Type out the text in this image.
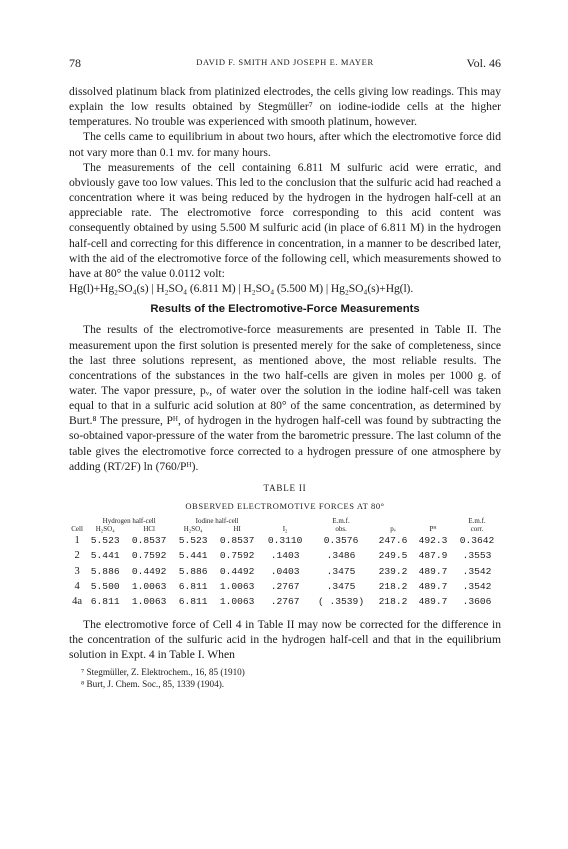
78	DAVID F. SMITH AND JOSEPH E. MAYER	Vol. 46

dissolved platinum black from platinized electrodes, the cells giving low readings. This may explain the low results obtained by Stegmüller⁷ on iodine-iodide cells at the higher temperatures. No trouble was experienced with smooth platinum, however.

The cells came to equilibrium in about two hours, after which the electromotive force did not vary more than 0.1 mv. for many hours.

The measurements of the cell containing 6.811 M sulfuric acid were erratic, and obviously gave too low values. This led to the conclusion that the sulfuric acid had reached a concentration where it was being reduced by the hydrogen in the hydrogen half-cell at an appreciable rate. The electromotive force corresponding to this acid content was consequently obtained by using 5.500 M sulfuric acid (in place of 6.811 M) in the hydrogen half-cell and correcting for this difference in concentration, in a manner to be described later, with the aid of the electromotive force of the following cell, which measurements showed to have at 80° the value 0.0112 volt:

Hg(l)+Hg₂SO₄(s) | H₂SO₄ (6.811 M) | H₂SO₄ (5.500 M) | Hg₂SO₄(s)+Hg(l).
Results of the Electromotive-Force Measurements

The results of the electromotive-force measurements are presented in Table II. The measurement upon the first solution is presented merely for the sake of completeness, since the last three solutions represent, as mentioned above, the most reliable results. The concentrations of the substances in the two half-cells are given in moles per 1000 g. of water. The vapor pressure, pᵥ, of water over the solution in the iodine half-cell was taken equal to that in a sulfuric acid solution at 80° of the same concentration, as determined by Burt.⁸ The pressure, Pᴴ, of hydrogen in the hydrogen half-cell was found by subtracting the so-obtained vapor-pressure of the water from the barometric pressure. The last column of the table gives the electromotive force corrected to a hydrogen pressure of one atmosphere by adding (RT/2F) ln (760/Pᴴ).

TABLE II
OBSERVED ELECTROMOTIVE FORCES AT 80°
	Hydrogen half-cell		Iodine half-cell			E.m.f.			E.m.f.
Cell	H₂SO₄	HCl	H₂SO₄	HI	I₂	obs.	pᵥ	Pᴴ	corr.
1	5.523	0.8537	5.523	0.8537	0.3110	0.3576	247.6	492.3	0.3642
2	5.441	0.7592	5.441	0.7592	.1403	.3486	249.5	487.9	.3553
3	5.886	0.4492	5.886	0.4492	.0403	.3475	239.2	489.7	.3542
4	5.500	1.0063	6.811	1.0063	.2767	.3475	218.2	489.7	.3542
4a	6.811	1.0063	6.811	1.0063	.2767	( .3539)	218.2	489.7	.3606

The electromotive force of Cell 4 in Table II may now be corrected for the difference in the concentration of the sulfuric acid in the hydrogen half-cell and that in the equilibrium solution in Expt. 4 in Table I. When

⁷ Stegmüller, Z. Elektrochem., 16, 85 (1910)
⁸ Burt, J. Chem. Soc., 85, 1339 (1904).
